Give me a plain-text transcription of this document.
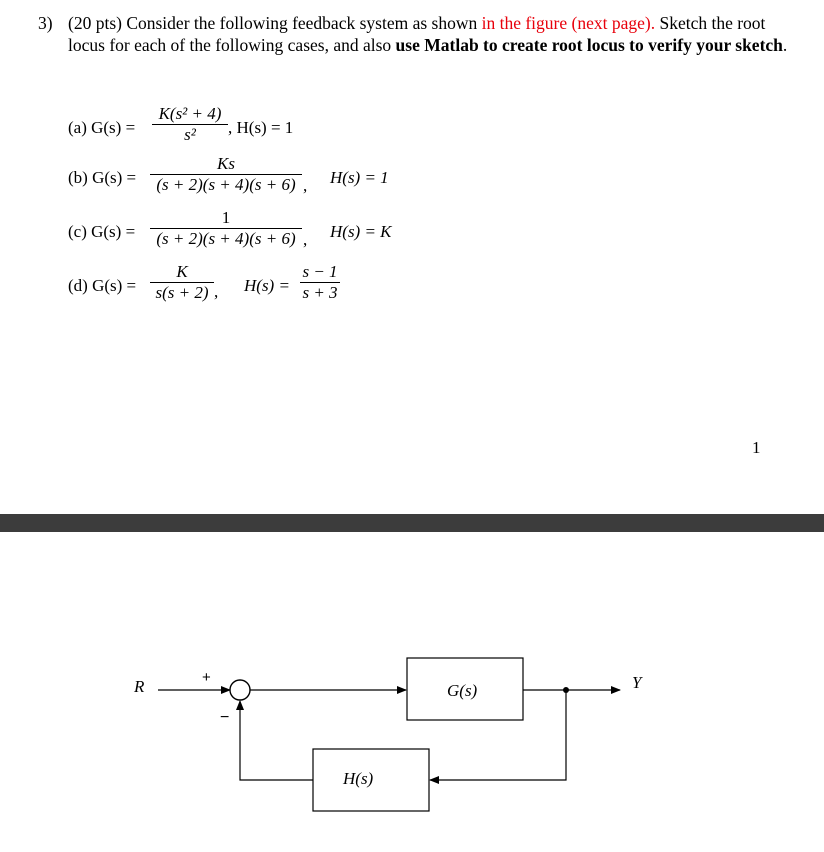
3) (20 pts) Consider the following feedback system as shown in the figure (next page). Sketch the root locus for each of the following cases, and also use Matlab to create root locus to verify your sketch.
(a) G(s) =
K(s² + 4)
s²	, H(s) = 1
(b) G(s) =
Ks
(s + 2)(s + 4)(s + 6) , H(s) = 1
(c) G(s) =
1
(s + 2)(s + 4)(s + 6) , H(s) = K
(d) G(s) =
K
s(s + 2) , H(s) =
s − 1
s + 3
1
R	+
−
G(s)
H(s)
Y
